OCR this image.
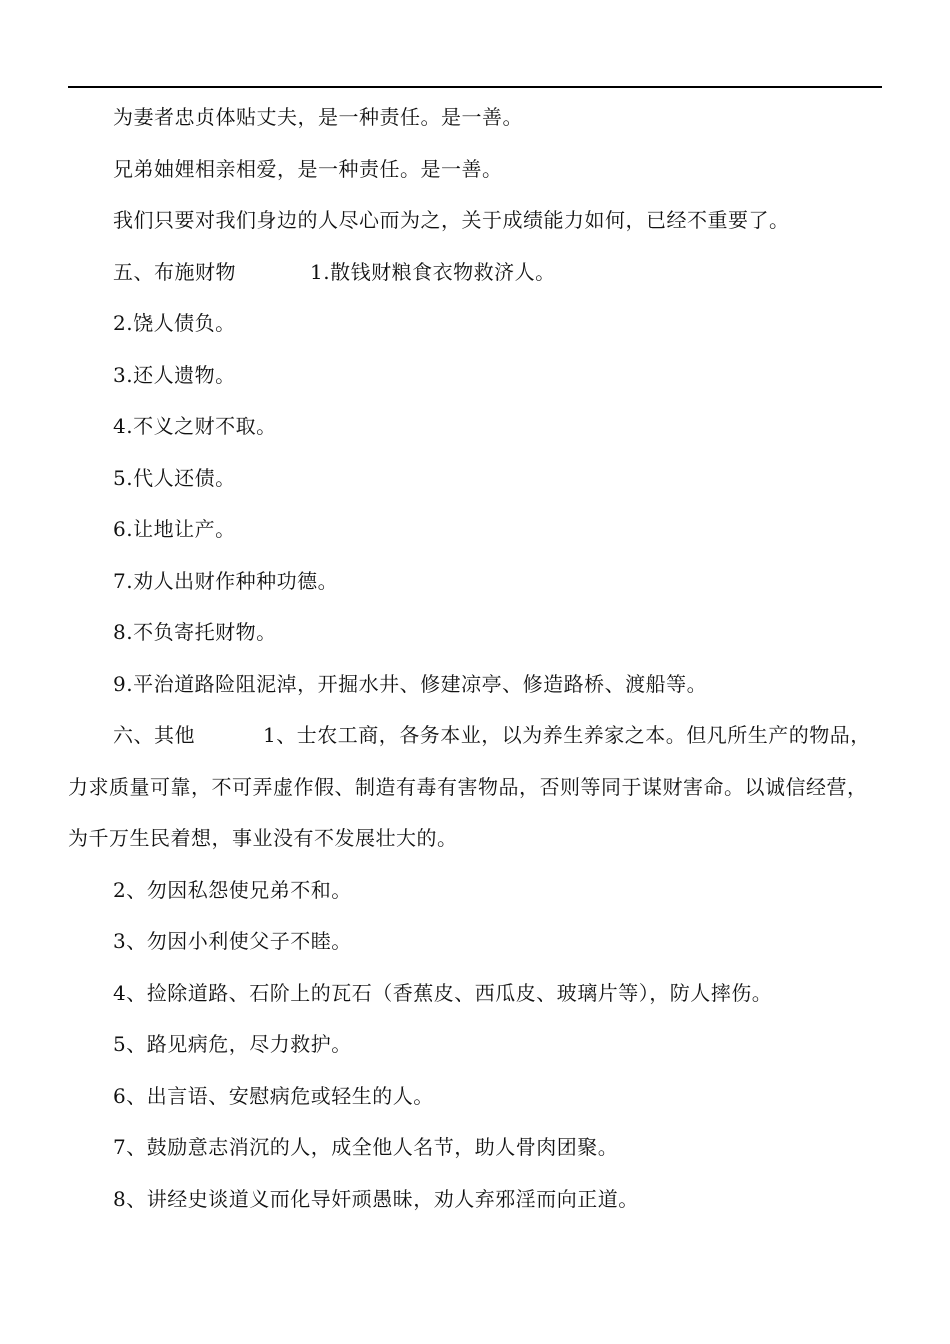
为妻者忠贞体贴丈夫，是一种责任。是一善。

兄弟妯娌相亲相爱，是一种责任。是一善。

我们只要对我们身边的人尽心而为之，关于成绩能力如何，已经不重要了。

五、布施财物	1.散钱财粮食衣物救济人。

2.饶人债负。

3.还人遗物。

4.不义之财不取。

5.代人还债。

6.让地让产。

7.劝人出财作种种功德。

8.不负寄托财物。

9.平治道路险阻泥淖，开掘水井、修建凉亭、修造路桥、渡船等。

六、其他	1、士农工商，各务本业，以为养生养家之本。但凡所生产的物品，力求质量可靠，不可弄虚作假、制造有毒有害物品，否则等同于谋财害命。以诚信经营，为千万生民着想，事业没有不发展壮大的。

2、勿因私怨使兄弟不和。

3、勿因小利使父子不睦。

4、捡除道路、石阶上的瓦石（香蕉皮、西瓜皮、玻璃片等），防人摔伤。

5、路见病危，尽力救护。

6、出言语、安慰病危或轻生的人。

7、鼓励意志消沉的人，成全他人名节，助人骨肉团聚。

8、讲经史谈道义而化导奸顽愚昧，劝人弃邪淫而向正道。
